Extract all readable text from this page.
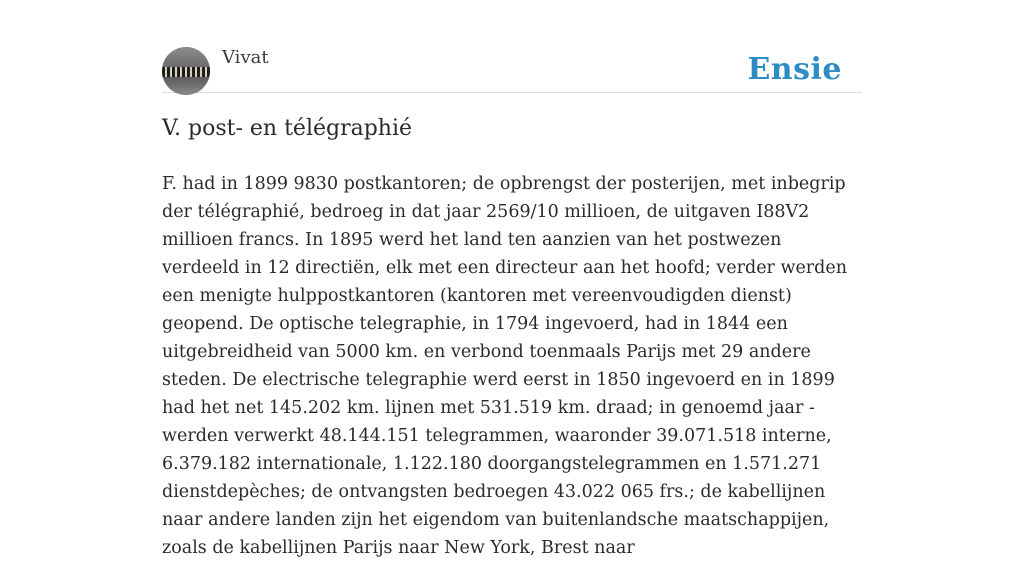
Vivat	Ensie
V. post- en télégraphié

F. had in 1899 9830 postkantoren; de opbrengst der posterijen, met inbegrip der télégraphié, bedroeg in dat jaar 2569/10 millioen, de uitgaven I88V2 millioen francs. In 1895 werd het land ten aanzien van het postwezen verdeeld in 12 directiën, elk met een directeur aan het hoofd; verder werden een menigte hulppostkantoren (kantoren met vereenvoudigden dienst) geopend. De optische telegraphie, in 1794 ingevoerd, had in 1844 een uitgebreidheid van 5000 km. en verbond toenmaals Parijs met 29 andere steden. De electrische telegraphie werd eerst in 1850 ingevoerd en in 1899 had het net 145.202 km. lijnen met 531.519 km. draad; in genoemd jaar -werden verwerkt 48.144.151 telegrammen, waaronder 39.071.518 interne, 6.379.182 internationale, 1.122.180 doorgangstelegrammen en 1.571.271 dienstdepèches; de ontvangsten bedroegen 43.022 065 frs.; de kabellijnen naar andere landen zijn het eigendom van buitenlandsche maatschappijen, zoals de kabellijnen Parijs naar New York, Brest naar
